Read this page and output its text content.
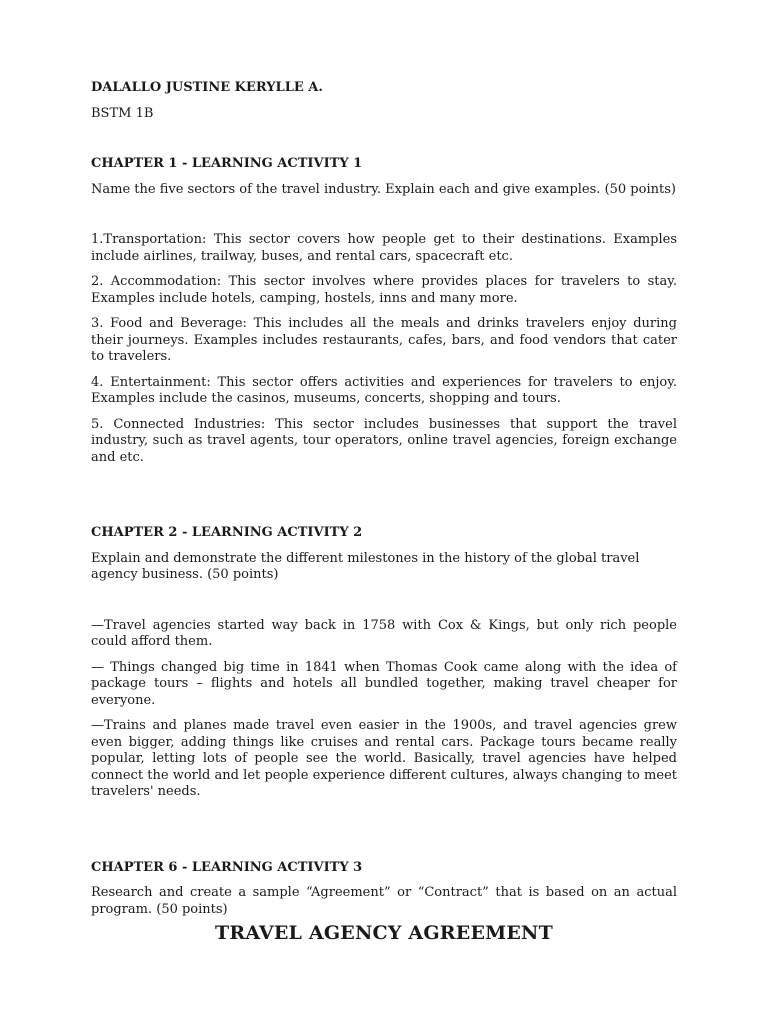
DALALLO JUSTINE KERYLLE A.

BSTM 1B

CHAPTER 1 - LEARNING ACTIVITY 1

Name the five sectors of the travel industry. Explain each and give examples. (50 points)

1.Transportation: This sector covers how people get to their destinations. Examples include airlines, trailway, buses, and rental cars, spacecraft etc.

2. Accommodation: This sector involves where provides places for travelers to stay. Examples include hotels, camping, hostels, inns and many more.

3. Food and Beverage: This includes all the meals and drinks travelers enjoy during their journeys. Examples includes restaurants, cafes, bars, and food vendors that cater to travelers.

4. Entertainment: This sector offers activities and experiences for travelers to enjoy. Examples include the casinos, museums, concerts, shopping and tours.

5. Connected Industries: This sector includes businesses that support the travel industry, such as travel agents, tour operators, online travel agencies, foreign exchange and etc.

CHAPTER 2 - LEARNING ACTIVITY 2

Explain and demonstrate the different milestones in the history of the global travel agency business. (50 points)

—Travel agencies started way back in 1758 with Cox & Kings, but only rich people could afford them.

— Things changed big time in 1841 when Thomas Cook came along with the idea of package tours – flights and hotels all bundled together, making travel cheaper for everyone.

—Trains and planes made travel even easier in the 1900s, and travel agencies grew even bigger, adding things like cruises and rental cars. Package tours became really popular, letting lots of people see the world. Basically, travel agencies have helped connect the world and let people experience different cultures, always changing to meet travelers' needs.

CHAPTER 6 - LEARNING ACTIVITY 3

Research and create a sample “Agreement” or “Contract” that is based on an actual program. (50 points)

TRAVEL AGENCY AGREEMENT
